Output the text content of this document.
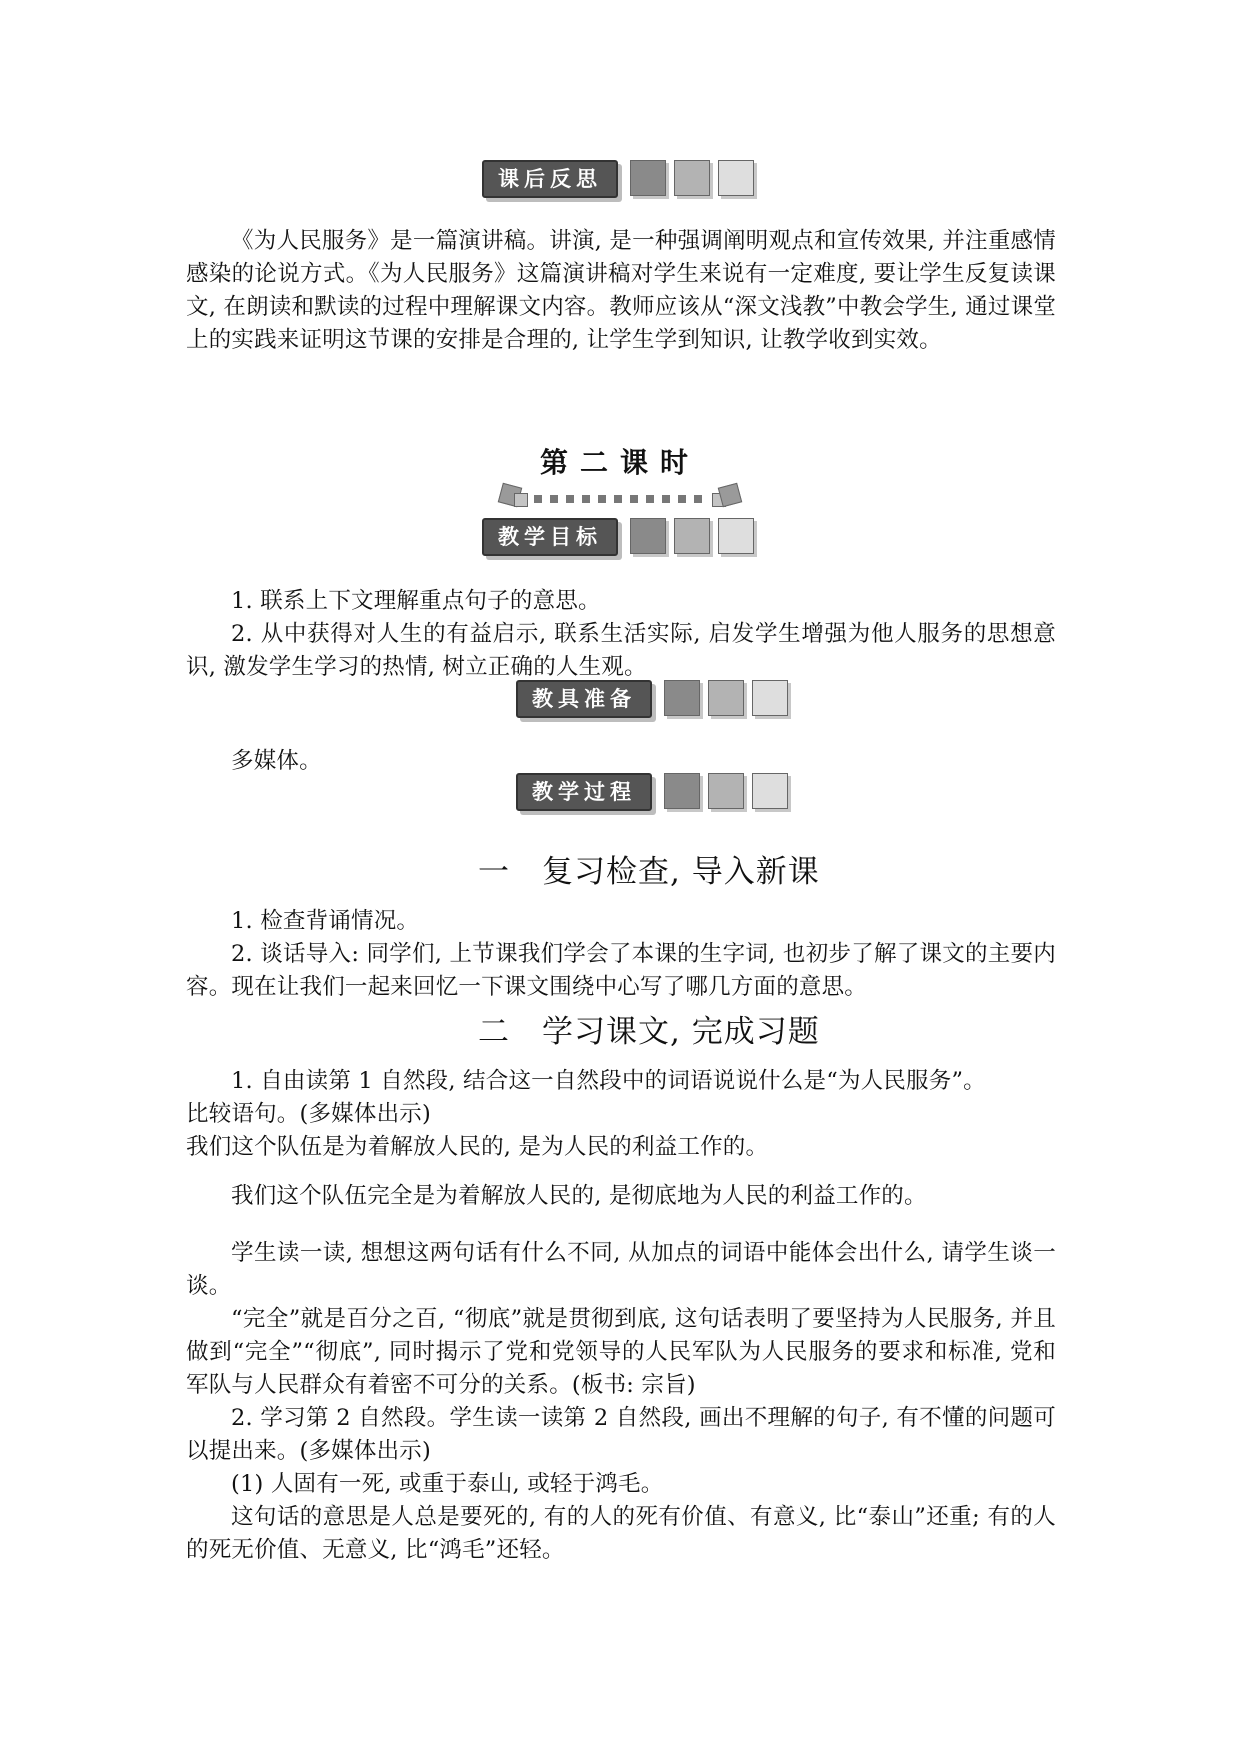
课后反思

《为人民服务》是一篇演讲稿。讲演, 是一种强调阐明观点和宣传效果, 并注重感情感染的论说方式。《为人民服务》这篇演讲稿对学生来说有一定难度, 要让学生反复读课文, 在朗读和默读的过程中理解课文内容。教师应该从“深文浅教”中教会学生, 通过课堂上的实践来证明这节课的安排是合理的, 让学生学到知识, 让教学收到实效。

第二课时
教学目标

1. 联系上下文理解重点句子的意思。

2. 从中获得对人生的有益启示, 联系生活实际, 启发学生增强为他人服务的思想意识, 激发学生学习的热情, 树立正确的人生观。

教具准备

多媒体。

教学过程
一　复习检查, 导入新课

1. 检查背诵情况。

2. 谈话导入: 同学们, 上节课我们学会了本课的生字词, 也初步了解了课文的主要内容。现在让我们一起来回忆一下课文围绕中心写了哪几方面的意思。

二　学习课文, 完成习题

1. 自由读第 1 自然段, 结合这一自然段中的词语说说什么是“为人民服务”。
比较语句。(多媒体出示)
我们这个队伍是为着解放人民的, 是为人民的利益工作的。

我们这个队伍完全是为着解放人民的, 是彻底地为人民的利益工作的。

学生读一读, 想想这两句话有什么不同, 从加点的词语中能体会出什么, 请学生谈一谈。

“完全”就是百分之百, “彻底”就是贯彻到底, 这句话表明了要坚持为人民服务, 并且做到“完全”“彻底”, 同时揭示了党和党领导的人民军队为人民服务的要求和标准, 党和军队与人民群众有着密不可分的关系。(板书: 宗旨)

2. 学习第 2 自然段。学生读一读第 2 自然段, 画出不理解的句子, 有不懂的问题可以提出来。(多媒体出示)

(1) 人固有一死, 或重于泰山, 或轻于鸿毛。

这句话的意思是人总是要死的, 有的人的死有价值、有意义, 比“泰山”还重; 有的人的死无价值、无意义, 比“鸿毛”还轻。
